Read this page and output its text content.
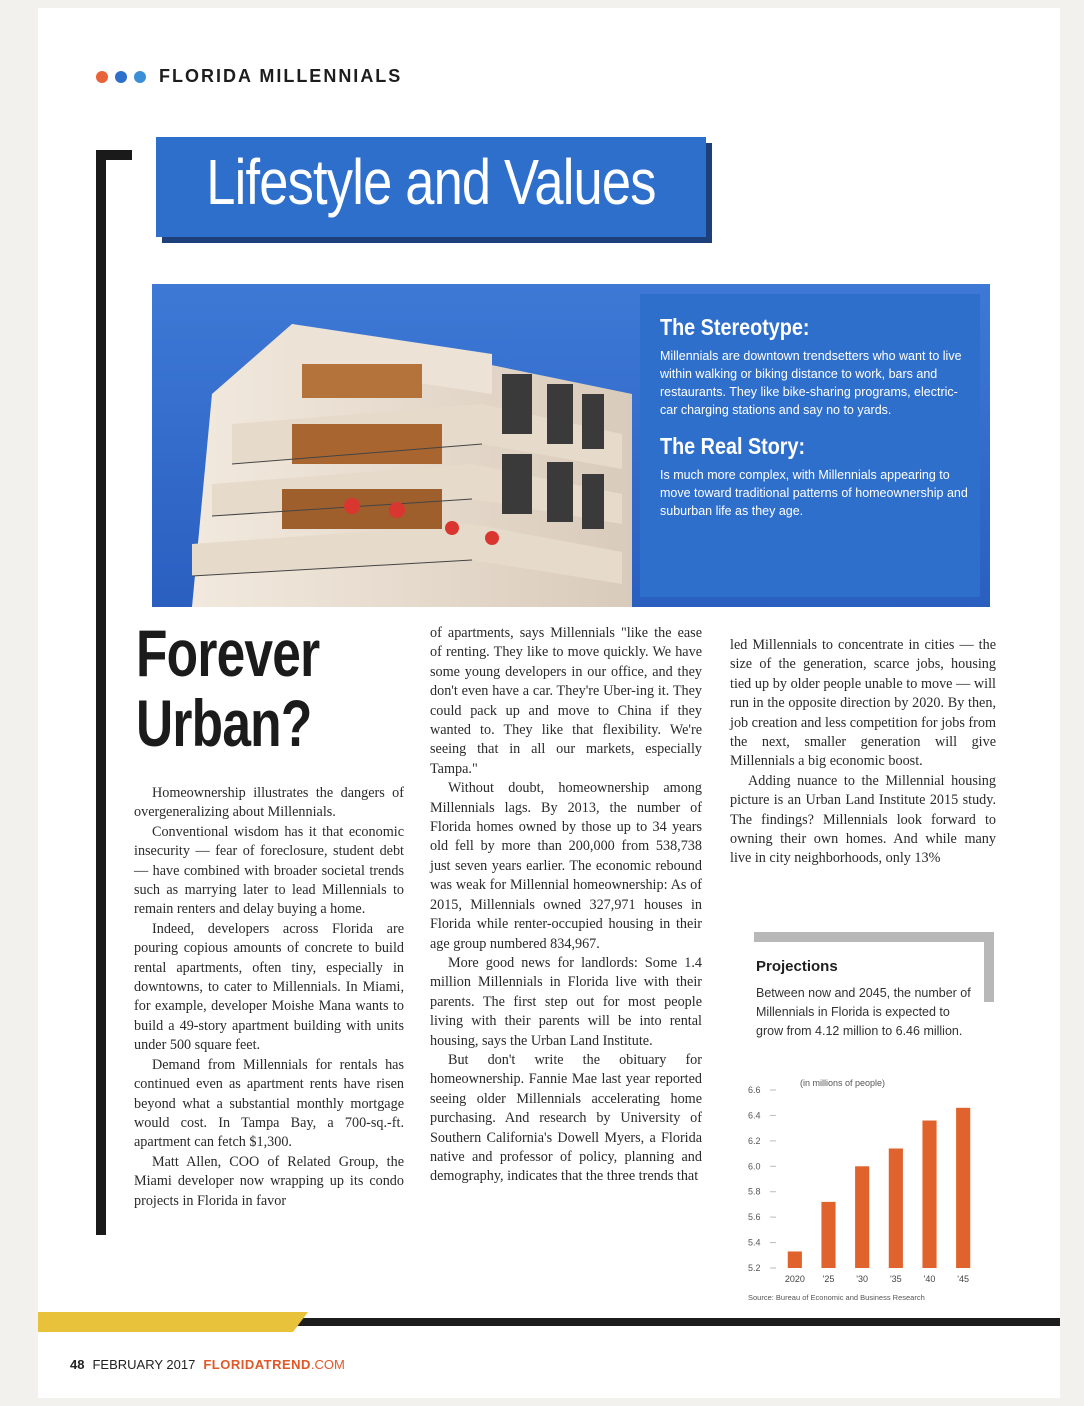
FLORIDA MILLENNIALS
Lifestyle and Values
The Stereotype:
Millennials are downtown trendsetters who want to live within walking or biking distance to work, bars and restaurants. They like bike-sharing programs, electric-car charging stations and say no to yards.
The Real Story:
Is much more complex, with Millennials appearing to move toward traditional patterns of homeownership and suburban life as they age.
Forever
Urban?

Homeownership illustrates the dangers of overgeneralizing about Millennials.

Conventional wisdom has it that economic insecurity — fear of foreclosure, student debt — have combined with broader societal trends such as marrying later to lead Millennials to remain renters and delay buying a home.

Indeed, developers across Florida are pouring copious amounts of concrete to build rental apartments, often tiny, especially in downtowns, to cater to Millennials. In Miami, for example, developer Moishe Mana wants to build a 49-story apartment building with units under 500 square feet.

Demand from Millennials for rentals has continued even as apartment rents have risen beyond what a substantial monthly mortgage would cost. In Tampa Bay, a 700-sq.-ft. apartment can fetch $1,300.

Matt Allen, COO of Related Group, the Miami developer now wrapping up its condo projects in Florida in favor

of apartments, says Millennials "like the ease of renting. They like to move quickly. We have some young developers in our office, and they don't even have a car. They're Uber-ing it. They could pack up and move to China if they wanted to. They like that flexibility. We're seeing that in all our markets, especially Tampa."

Without doubt, homeownership among Millennials lags. By 2013, the number of Florida homes owned by those up to 34 years old fell by more than 200,000 from 538,738 just seven years earlier. The economic rebound was weak for Millennial homeownership: As of 2015, Millennials owned 327,971 houses in Florida while renter-occupied housing in their age group numbered 834,967.

More good news for landlords: Some 1.4 million Millennials in Florida live with their parents. The first step out for most people living with their parents will be into rental housing, says the Urban Land Institute.

But don't write the obituary for homeownership. Fannie Mae last year reported seeing older Millennials accelerating home purchasing. And research by University of Southern California's Dowell Myers, a Florida native and professor of policy, planning and demography, indicates that the three trends that

led Millennials to concentrate in cities — the size of the generation, scarce jobs, housing tied up by older people unable to move — will run in the opposite direction by 2020. By then, job creation and less competition for jobs from the next, smaller generation will give Millennials a big economic boost.

Adding nuance to the Millennial housing picture is an Urban Land Institute 2015 study. The findings? Millennials look forward to owning their own homes. And while many live in city neighborhoods, only 13%

Projections
Between now and 2045, the number of Millennials in Florida is expected to grow from 4.12 million to 6.46 million.
(in millions of people)
5.2
5.4
5.6
5.8
6.0
6.2
6.4
6.6
2020 '25 '30 '35 '40 '45
Source: Bureau of Economic and Business Research
48 FEBRUARY 2017 FLORIDATREND.COM
